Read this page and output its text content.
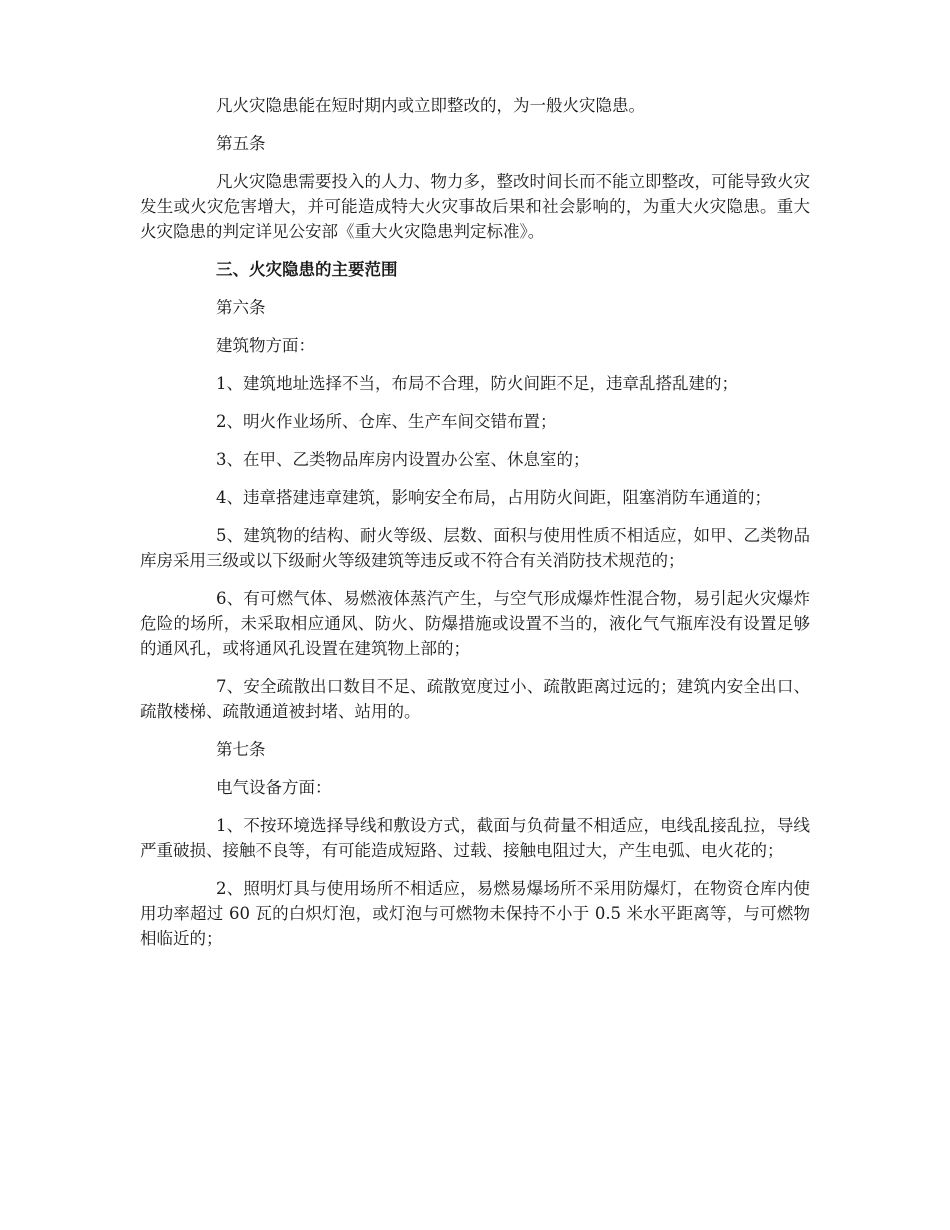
凡火灾隐患能在短时期内或立即整改的，为一般火灾隐患。

第五条

凡火灾隐患需要投入的人力、物力多，整改时间长而不能立即整改，可能导致火灾发生或火灾危害增大，并可能造成特大火灾事故后果和社会影响的，为重大火灾隐患。重大火灾隐患的判定详见公安部《重大火灾隐患判定标准》。

三、火灾隐患的主要范围

第六条

建筑物方面：

1、建筑地址选择不当，布局不合理，防火间距不足，违章乱搭乱建的；

2、明火作业场所、仓库、生产车间交错布置；

3、在甲、乙类物品库房内设置办公室、休息室的；

4、违章搭建违章建筑，影响安全布局，占用防火间距，阻塞消防车通道的；

5、建筑物的结构、耐火等级、层数、面积与使用性质不相适应，如甲、乙类物品库房采用三级或以下级耐火等级建筑等违反或不符合有关消防技术规范的；

6、有可燃气体、易燃液体蒸汽产生，与空气形成爆炸性混合物，易引起火灾爆炸危险的场所，未采取相应通风、防火、防爆措施或设置不当的，液化气气瓶库没有设置足够的通风孔，或将通风孔设置在建筑物上部的；

7、安全疏散出口数目不足、疏散宽度过小、疏散距离过远的；建筑内安全出口、疏散楼梯、疏散通道被封堵、站用的。

第七条

电气设备方面：

1、不按环境选择导线和敷设方式，截面与负荷量不相适应，电线乱接乱拉，导线严重破损、接触不良等，有可能造成短路、过载、接触电阻过大，产生电弧、电火花的；

2、照明灯具与使用场所不相适应，易燃易爆场所不采用防爆灯，在物资仓库内使用功率超过 60 瓦的白炽灯泡，或灯泡与可燃物未保持不小于 0.5 米水平距离等，与可燃物相临近的；
